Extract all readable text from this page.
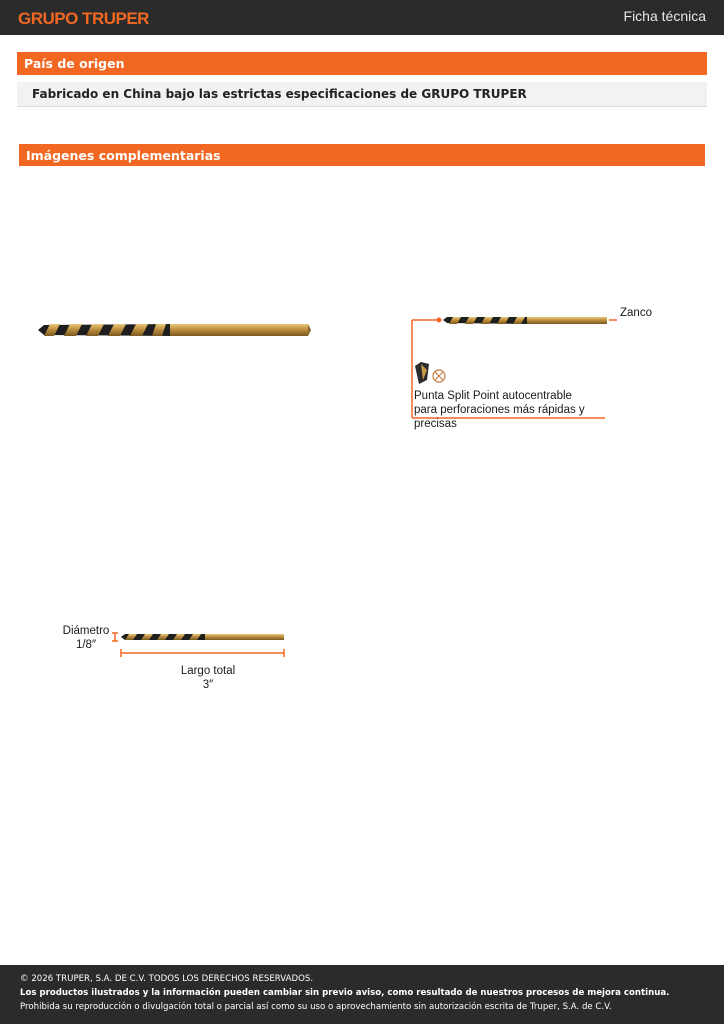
GRUPO TRUPER	Ficha técnica
País de origen
Fabricado en China bajo las estrictas especificaciones de GRUPO TRUPER
Imágenes complementarias
Zanco
Punta Split Point autocentrable
para perforaciones más rápidas y precisas
Diámetro
1/8″
Largo total
3″

© 2026 TRUPER, S.A. DE C.V. TODOS LOS DERECHOS RESERVADOS.

Los productos ilustrados y la información pueden cambiar sin previo aviso, como resultado de nuestros procesos de mejora continua.

Prohibida su reproducción o divulgación total o parcial así como su uso o aprovechamiento sin autorización escrita de Truper, S.A. de C.V.
